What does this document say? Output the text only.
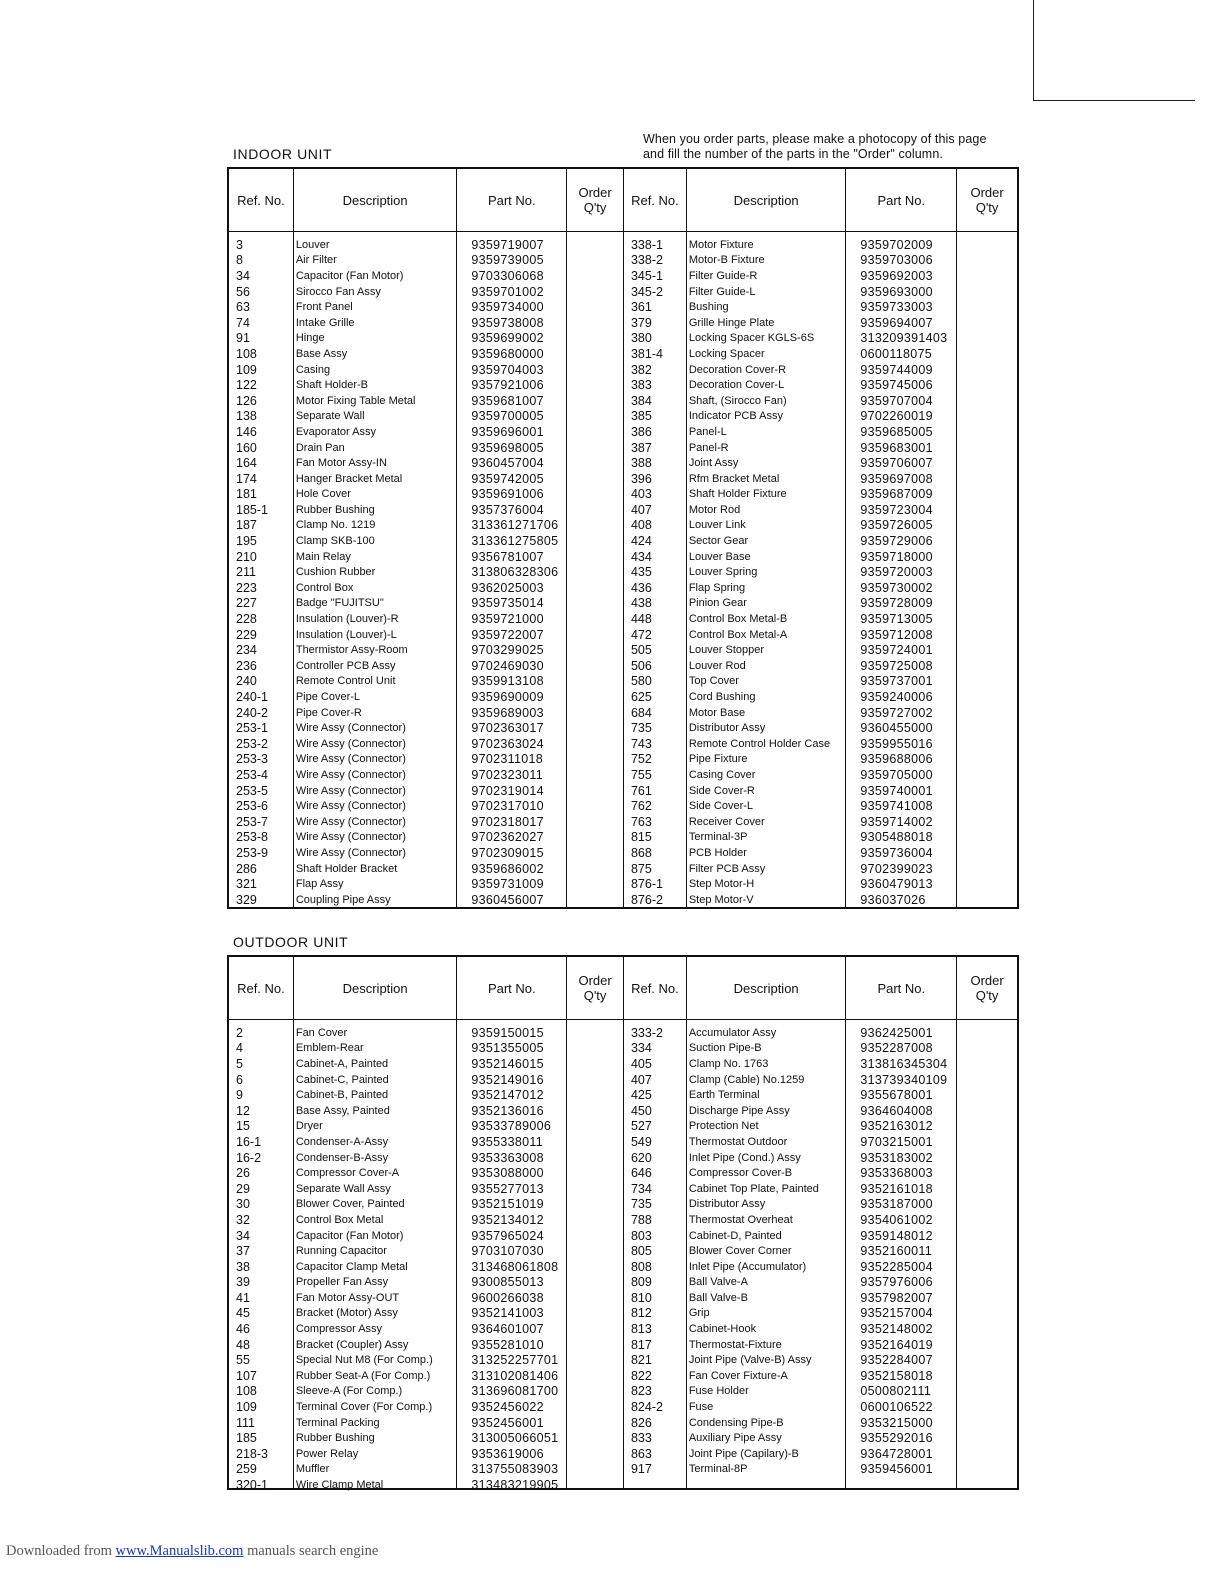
When you order parts, please make a photocopy of this page
and fill the number of the parts in the "Order" column.
INDOOR UNIT
Ref. No.	Description	Part No.	Order
Q'ty	Ref. No.	Description	Part No.	Order
Q'ty
3	Louver	9359719007	338-1	Motor Fixture	9359702009
8	Air Filter	9359739005	338-2	Motor-B Fixture	9359703006
34	Capacitor (Fan Motor)	9703306068	345-1	Filter Guide-R	9359692003
56	Sirocco Fan Assy	9359701002	345-2	Filter Guide-L	9359693000
63	Front Panel	9359734000	361	Bushing	9359733003
74	Intake Grille	9359738008	379	Grille Hinge Plate	9359694007
91	Hinge	9359699002	380	Locking Spacer KGLS-6S	313209391403
108	Base Assy	9359680000	381-4	Locking Spacer	0600118075
109	Casing	9359704003	382	Decoration Cover-R	9359744009
122	Shaft Holder-B	9357921006	383	Decoration Cover-L	9359745006
126	Motor Fixing Table Metal	9359681007	384	Shaft, (Sirocco Fan)	9359707004
138	Separate Wall	9359700005	385	Indicator PCB Assy	9702260019
146	Evaporator Assy	9359696001	386	Panel-L	9359685005
160	Drain Pan	9359698005	387	Panel-R	9359683001
164	Fan Motor Assy-IN	9360457004	388	Joint Assy	9359706007
174	Hanger Bracket Metal	9359742005	396	Rfm Bracket Metal	9359697008
181	Hole Cover	9359691006	403	Shaft Holder Fixture	9359687009
185-1	Rubber Bushing	9357376004	407	Motor Rod	9359723004
187	Clamp No. 1219	313361271706	408	Louver Link	9359726005
195	Clamp SKB-100	313361275805	424	Sector Gear	9359729006
210	Main Relay	9356781007	434	Louver Base	9359718000
211	Cushion Rubber	313806328306	435	Louver Spring	9359720003
223	Control Box	9362025003	436	Flap Spring	9359730002
227	Badge "FUJITSU"	9359735014	438	Pinion Gear	9359728009
228	Insulation (Louver)-R	9359721000	448	Control Box Metal-B	9359713005
229	Insulation (Louver)-L	9359722007	472	Control Box Metal-A	9359712008
234	Thermistor Assy-Room	9703299025	505	Louver Stopper	9359724001
236	Controller PCB Assy	9702469030	506	Louver Rod	9359725008
240	Remote Control Unit	9359913108	580	Top Cover	9359737001
240-1	Pipe Cover-L	9359690009	625	Cord Bushing	9359240006
240-2	Pipe Cover-R	9359689003	684	Motor Base	9359727002
253-1	Wire Assy (Connector)	9702363017	735	Distributor Assy	9360455000
253-2	Wire Assy (Connector)	9702363024	743	Remote Control Holder Case	9359955016
253-3	Wire Assy (Connector)	9702311018	752	Pipe Fixture	9359688006
253-4	Wire Assy (Connector)	9702323011	755	Casing Cover	9359705000
253-5	Wire Assy (Connector)	9702319014	761	Side Cover-R	9359740001
253-6	Wire Assy (Connector)	9702317010	762	Side Cover-L	9359741008
253-7	Wire Assy (Connector)	9702318017	763	Receiver Cover	9359714002
253-8	Wire Assy (Connector)	9702362027	815	Terminal-3P	9305488018
253-9	Wire Assy (Connector)	9702309015	868	PCB Holder	9359736004
286	Shaft Holder Bracket	9359686002	875	Filter PCB Assy	9702399023
321	Flap Assy	9359731009	876-1	Step Motor-H	9360479013
329	Coupling Pipe Assy	9360456007	876-2	Step Motor-V	936037026
OUTDOOR UNIT
Ref. No.	Description	Part No.	Order
Q'ty	Ref. No.	Description	Part No.	Order
Q'ty
2	Fan Cover	9359150015	333-2	Accumulator Assy	9362425001
4	Emblem-Rear	9351355005	334	Suction Pipe-B	9352287008
5	Cabinet-A, Painted	9352146015	405	Clamp No. 1763	313816345304
6	Cabinet-C, Painted	9352149016	407	Clamp (Cable) No.1259	313739340109
9	Cabinet-B, Painted	9352147012	425	Earth Terminal	9355678001
12	Base Assy, Painted	9352136016	450	Discharge Pipe Assy	9364604008
15	Dryer	93533789006	527	Protection Net	9352163012
16-1	Condenser-A-Assy	9355338011	549	Thermostat Outdoor	9703215001
16-2	Condenser-B-Assy	9353363008	620	Inlet Pipe (Cond.) Assy	9353183002
26	Compressor Cover-A	9353088000	646	Compressor Cover-B	9353368003
29	Separate Wall Assy	9355277013	734	Cabinet Top Plate, Painted	9352161018
30	Blower Cover, Painted	9352151019	735	Distributor Assy	9353187000
32	Control Box Metal	9352134012	788	Thermostat Overheat	9354061002
34	Capacitor (Fan Motor)	9357965024	803	Cabinet-D, Painted	9359148012
37	Running Capacitor	9703107030	805	Blower Cover Corner	9352160011
38	Capacitor Clamp Metal	313468061808	808	Inlet Pipe (Accumulator)	9352285004
39	Propeller Fan Assy	9300855013	809	Ball Valve-A	9357976006
41	Fan Motor Assy-OUT	9600266038	810	Ball Valve-B	9357982007
45	Bracket (Motor) Assy	9352141003	812	Grip	9352157004
46	Compressor Assy	9364601007	813	Cabinet-Hook	9352148002
48	Bracket (Coupler) Assy	9355281010	817	Thermostat-Fixture	9352164019
55	Special Nut M8 (For Comp.)	313252257701	821	Joint Pipe (Valve-B) Assy	9352284007
107	Rubber Seat-A (For Comp.)	313102081406	822	Fan Cover Fixture-A	9352158018
108	Sleeve-A (For Comp.)	313696081700	823	Fuse Holder	0500802111
109	Terminal Cover (For Comp.)	9352456022	824-2	Fuse	0600106522
111	Terminal Packing	9352456001	826	Condensing Pipe-B	9353215000
185	Rubber Bushing	313005066051	833	Auxiliary Pipe Assy	9355292016
218-3	Power Relay	9353619006	863	Joint Pipe (Capilary)-B	9364728001
259	Muffler	313755083903	917	Terminal-8P	9359456001
320-1	Wire Clamp Metal	313483219905
Downloaded from www.Manualslib.com manuals search engine
